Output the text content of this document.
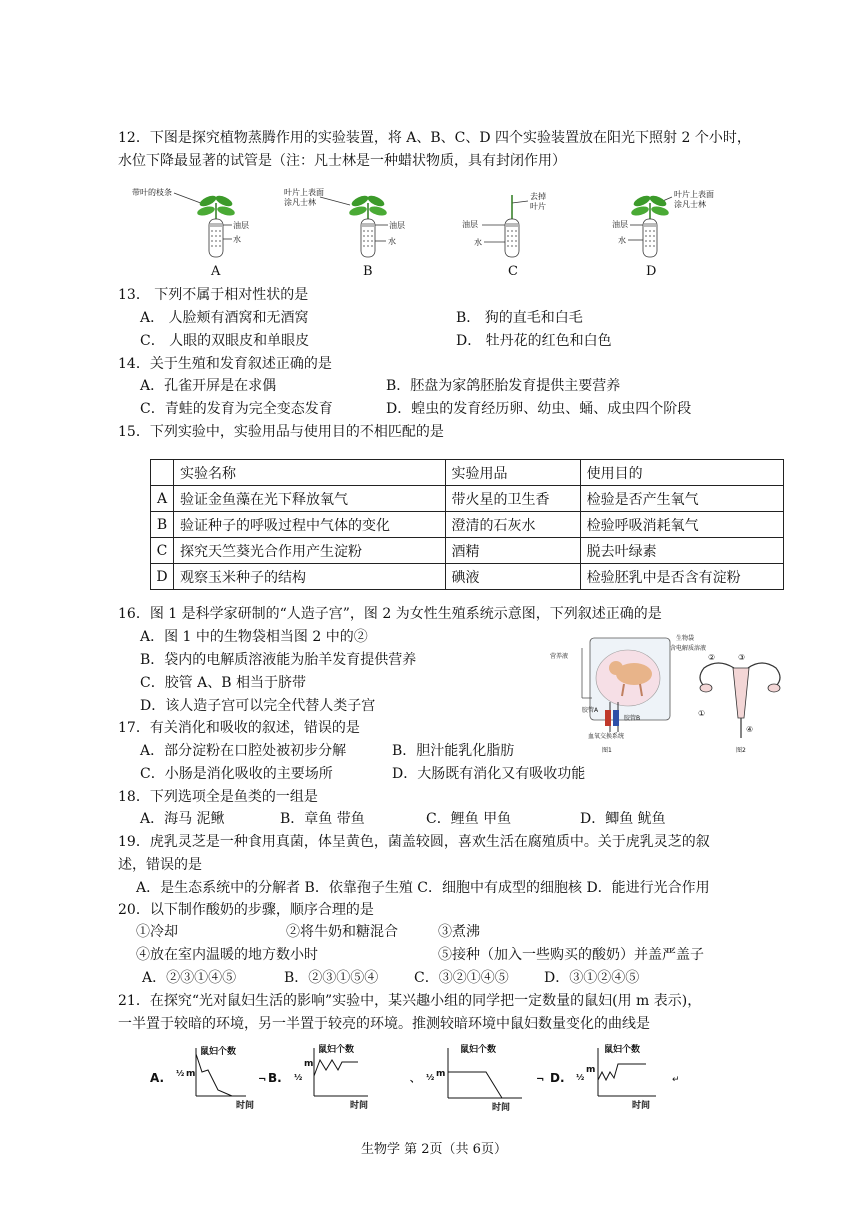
12．下图是探究植物蒸腾作用的实验装置，将 A、B、C、D 四个实验装置放在阳光下照射 2 个小时，
水位下降最显著的试管是（注：凡士林是一种蜡状物质，具有封闭作用）
带叶的枝条
油层
水
叶片上表面
涂凡士林
油层
水
去掉
叶片
油层
水
叶片上表面
涂凡士林
油层
水
A	B	C	D
13． 下列不属于相对性状的是
A． 人脸颊有酒窝和无酒窝	B． 狗的直毛和白毛
C． 人眼的双眼皮和单眼皮	D． 牡丹花的红色和白色
14．关于生殖和发育叙述正确的是
A．孔雀开屏是在求偶	B．胚盘为家鸽胚胎发育提供主要营养
C．青蛙的发育为完全变态发育	D．蝗虫的发育经历卵、幼虫、蛹、成虫四个阶段
15．下列实验中，实验用品与使用目的不相匹配的是
	实验名称	实验用品	使用目的
A	验证金鱼藻在光下释放氧气	带火星的卫生香	检验是否产生氧气
B	验证种子的呼吸过程中气体的变化	澄清的石灰水	检验呼吸消耗氧气
C	探究天竺葵光合作用产生淀粉	酒精	脱去叶绿素
D	观察玉米种子的结构	碘液	检验胚乳中是否含有淀粉
16．图 1 是科学家研制的“人造子宫”，图 2 为女性生殖系统示意图，下列叙述正确的是
A．图 1 中的生物袋相当图 2 中的②
B．袋内的电解质溶液能为胎羊发育提供营养
C．胶管 A、B 相当于脐带
D．该人造子宫可以完全代替人类子宫
营养液
生物袋
含电解质溶液
胶管A
胶管B
血氧交换系统
图1
②	③
①
④
图2
17．有关消化和吸收的叙述，错误的是
A．部分淀粉在口腔处被初步分解	B．胆汁能乳化脂肪
C．小肠是消化吸收的主要场所	D．大肠既有消化又有吸收功能
18．下列选项全是鱼类的一组是
A．海马 泥鳅	B．章鱼 带鱼	C．鲤鱼 甲鱼	D．鲫鱼 鱿鱼
19．虎乳灵芝是一种食用真菌，体呈黄色，菌盖较圆，喜欢生活在腐殖质中。关于虎乳灵芝的叙
述，错误的是
A．是生态系统中的分解者 B．依靠孢子生殖 C．细胞中有成型的细胞核 D．能进行光合作用
20．以下制作酸奶的步骤，顺序合理的是
①冷却	②将牛奶和糖混合	③煮沸
④放在室内温暖的地方数小时	⑤接种（加入一些购买的酸奶）并盖严盖子
A．②③①④⑤	B．②③①⑤④	C．③②①④⑤	D．③①②④⑤
21．在探究“光对鼠妇生活的影响”实验中，某兴趣小组的同学把一定数量的鼠妇(用 m 表示)，
一半置于较暗的环境，另一半置于较亮的环境。推测较暗环境中鼠妇数量变化的曲线是
A. ½ m
鼠妇个数
时间
¬ B. ½
m
鼠妇个数
时间
、 ½ m
鼠妇个数
时间
¬ D. ½
m
鼠妇个数
时间
↵
生物学 第 2页（共 6页）
